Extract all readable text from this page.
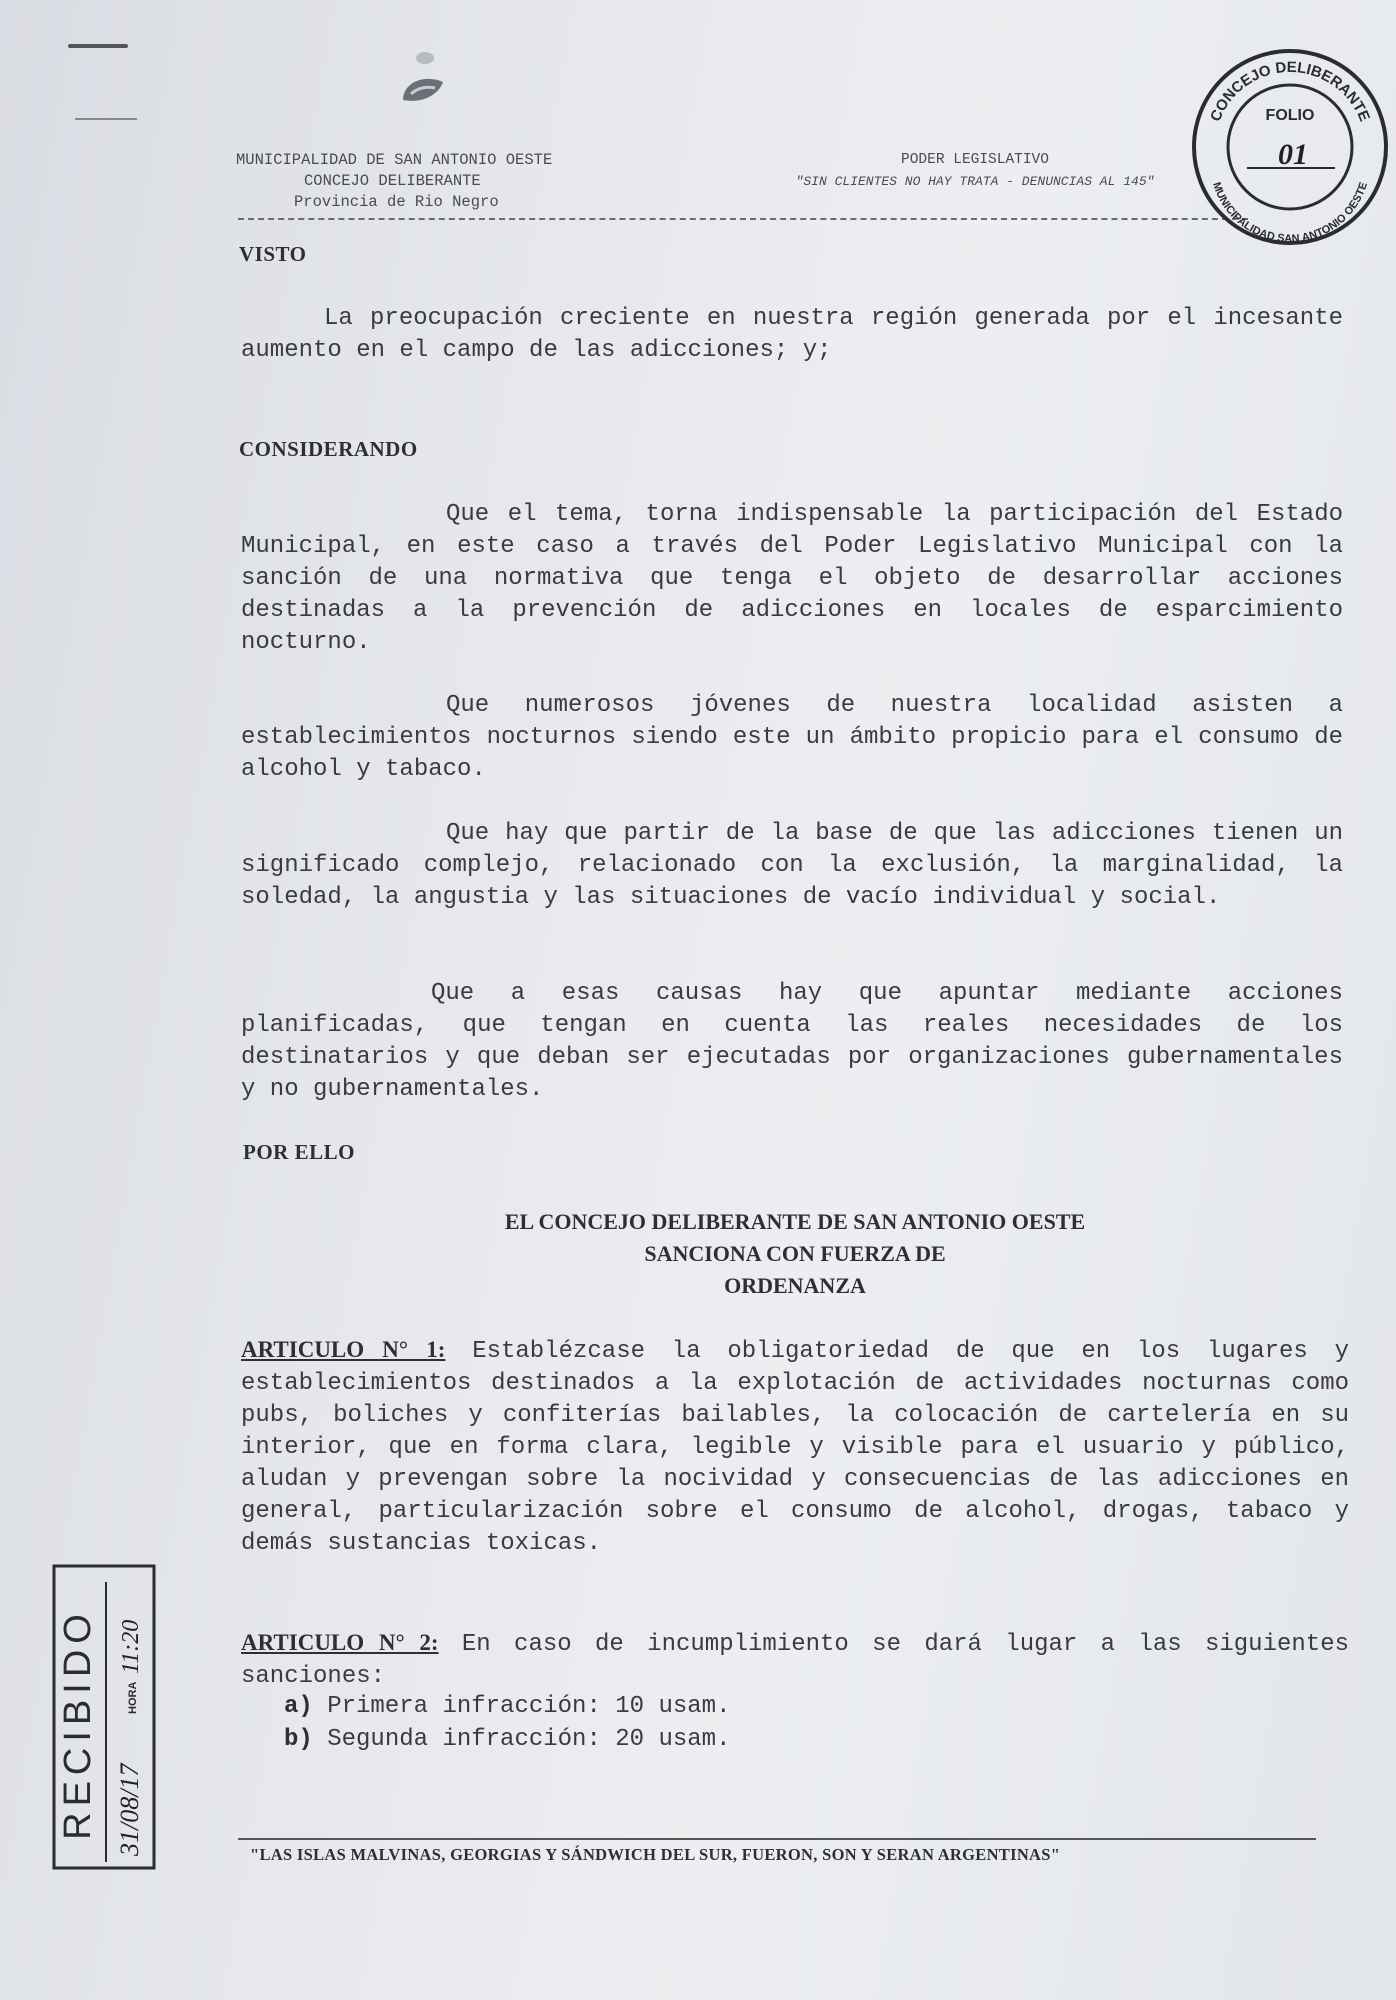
MUNICIPALIDAD DE SAN ANTONIO OESTE
CONCEJO DELIBERANTE
Provincia de Rio Negro
PODER LEGISLATIVO
"SIN CLIENTES NO HAY TRATA - DENUNCIAS AL 145"
VISTO

La preocupación creciente en nuestra región generada por el incesante aumento en el campo de las adicciones; y;

CONSIDERANDO

Que el tema, torna indispensable la participación del Estado Municipal, en este caso a través del Poder Legislativo Municipal con la sanción de una normativa que tenga el objeto de desarrollar acciones destinadas a la prevención de adicciones en locales de esparcimiento nocturno.

Que numerosos jóvenes de nuestra localidad asisten a establecimientos nocturnos siendo este un ámbito propicio para el consumo de alcohol y tabaco.

Que hay que partir de la base de que las adicciones tienen un significado complejo, relacionado con la exclusión, la marginalidad, la soledad, la angustia y las situaciones de vacío individual y social.

Que a esas causas hay que apuntar mediante acciones planificadas, que tengan en cuenta las reales necesidades de los destinatarios y que deban ser ejecutadas por organizaciones gubernamentales y no gubernamentales.

POR ELLO
EL CONCEJO DELIBERANTE DE SAN ANTONIO OESTE
SANCIONA CON FUERZA DE
ORDENANZA

ARTICULO N° 1: Establézcase la obligatoriedad de que en los lugares y establecimientos destinados a la explotación de actividades nocturnas como pubs, boliches y confiterías bailables, la colocación de cartelería en su interior, que en forma clara, legible y visible para el usuario y público, aludan y prevengan sobre la nocividad y consecuencias de las adicciones en general, particularización sobre el consumo de alcohol, drogas, tabaco y demás sustancias toxicas.

ARTICULO N° 2: En caso de incumplimiento se dará lugar a las siguientes sanciones:

a) Primera infracción: 10 usam.
b) Segunda infracción: 20 usam.
"LAS ISLAS MALVINAS, GEORGIAS Y SÁNDWICH DEL SUR, FUERON, SON Y SERAN ARGENTINAS"
CONCEJO DELIBERANTE
MUNICIPALIDAD SAN ANTONIO OESTE
FOLIO
01
RECIBIDO 31/08/17
HORA
11:20
